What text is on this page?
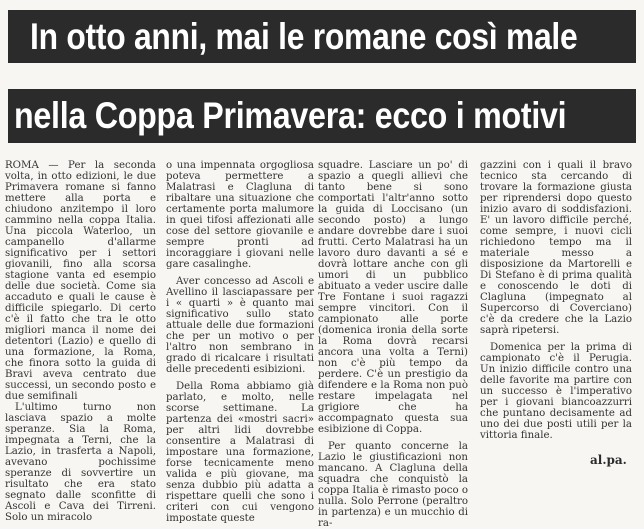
In otto anni, mai le romane così male
nella Coppa Primavera: ecco i motivi

ROMA — Per la seconda volta, in otto edizioni, le due Primavera romane si fanno mettere alla porta e chiudono anzitempo il loro cammino nella coppa Italia. Una piccola Waterloo, un campanello d'allarme significativo per i settori giovanili, fino alla scorsa stagione vanta ed esempio delle due società. Come sia accaduto e quali le cause è difficile spiegarlo. Di certo c'è il fatto che tra le otto migliori manca il nome dei detentori (Lazio) e quello di una formazione, la Roma, che finora sotto la guida di Bravi aveva centrato due successi, un secondo posto e due semifinali

L'ultimo turno non lasciava spazio a molte speranze. Sia la Roma, impegnata a Terni, che la Lazio, in trasferta a Napoli, avevano pochissime speranze di sovvertire un risultato che era stato segnato dalle sconfitte di Ascoli e Cava dei Tirreni. Solo un miracolo

o una impennata orgogliosa poteva permettere a Malatrasi e Clagluna di ribaltare una situazione che certamente porta malumore in quei tifosi affezionati alle cose del settore giovanile e sempre pronti ad incoraggiare i giovani nelle gare casalinghe.

Aver concesso ad Ascoli e Avellino il lasciapassare per i « quarti » è quanto mai significativo sullo stato attuale delle due formazioni che per un motivo o per l'altro non sembrano in grado di ricalcare i risultati delle precedenti esibizioni.

Della Roma abbiamo già parlato, e molto, nelle scorse settimane. La partenza dei «mostri sacri» per altri lidi dovrebbe consentire a Malatrasi di impostare una formazione, forse tecnicamente meno valida e più giovane, ma senza dubbio più adatta a rispettare quelli che sono i criteri con cui vengono impostate queste

squadre. Lasciare un po' di spazio a quegli allievi che tanto bene si sono comportati l'altr'anno sotto la guida di Loccisano (un secondo posto) a lungo andare dovrebbe dare i suoi frutti. Certo Malatrasi ha un lavoro duro davanti a sé e dovrà lottare anche con gli umori di un pubblico abituato a veder uscire dalle Tre Fontane i suoi ragazzi sempre vincitori. Con il campionato alle porte (domenica ironia della sorte la Roma dovrà recarsi ancora una volta a Terni) non c'è più tempo da perdere. C'è un prestigio da difendere e la Roma non può restare impelagata nel grigiore che ha accompagnato questa sua esibizione di Coppa.

Per quanto concerne la Lazio le giustificazioni non mancano. A Clagluna della squadra che conquistò la coppa Italia è rimasto poco o nulla. Solo Perrone (peraltro in partenza) e un mucchio di ra-

gazzini con i quali il bravo tecnico sta cercando di trovare la formazione giusta per riprendersi dopo questo inizio avaro di soddisfazioni. E' un lavoro difficile perché, come sempre, i nuovi cicli richiedono tempo ma il materiale messo a disposizione da Martorelli e Di Stefano è di prima qualità e conoscendo le doti di Clagluna (impegnato al Supercorso di Coverciano) c'è da credere che la Lazio saprà ripetersi.

Domenica per la prima di campionato c'è il Perugia. Un inizio difficile contro una delle favorite ma partire con un successo è l'imperativo per i giovani biancoazzurri che puntano decisamente ad uno dei due posti utili per la vittoria finale.

al.pa.
